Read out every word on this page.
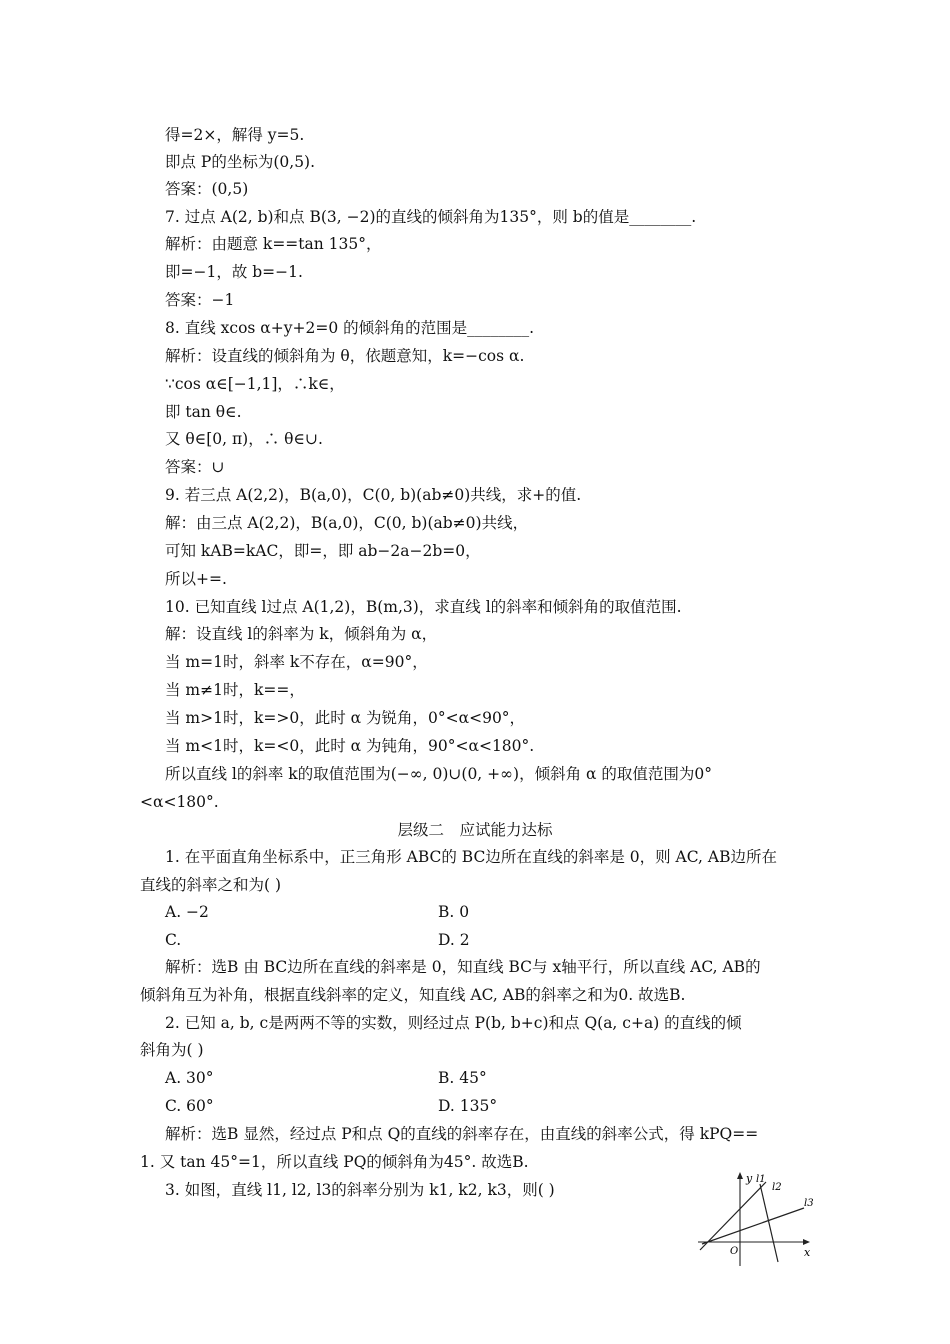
得=2×，解得 y=5.
即点 P的坐标为(0,5).
答案：(0,5)
7. 过点 A(2, b)和点 B(3, −2)的直线的倾斜角为135°，则 b的值是________.
解析：由题意 k==tan 135°，
即=−1，故 b=−1.
答案：−1
8. 直线 xcos α+y+2=0 的倾斜角的范围是________.
解析：设直线的倾斜角为 θ，依题意知，k=−cos α.
∵cos α∈[−1,1]，∴k∈，
即 tan θ∈.
又 θ∈[0, π)，∴ θ∈∪.
答案：∪
9. 若三点 A(2,2)，B(a,0)，C(0, b)(ab≠0)共线，求+的值.
解：由三点 A(2,2)，B(a,0)，C(0, b)(ab≠0)共线，
可知 kAB=kAC，即=，即 ab−2a−2b=0，
所以+=.
10. 已知直线 l过点 A(1,2)，B(m,3)，求直线 l的斜率和倾斜角的取值范围.
解：设直线 l的斜率为 k，倾斜角为 α，
当 m=1时，斜率 k不存在，α=90°，
当 m≠1时，k==，
当 m>1时，k=>0，此时 α 为锐角，0°<α<90°，
当 m<1时，k=<0，此时 α 为钝角，90°<α<180°.
所以直线 l的斜率 k的取值范围为(−∞, 0)∪(0, +∞)，倾斜角 α 的取值范围为0°
<α<180°.
层级二　应试能力达标
1. 在平面直角坐标系中，正三角形 ABC的 BC边所在直线的斜率是 0，则 AC, AB边所在
直线的斜率之和为( )
A. −2	B. 0
C.	D. 2
解析：选B 由 BC边所在直线的斜率是 0，知直线 BC与 x轴平行，所以直线 AC, AB的
倾斜角互为补角，根据直线斜率的定义，知直线 AC, AB的斜率之和为0. 故选B.
2. 已知 a, b, c是两两不等的实数，则经过点 P(b, b+c)和点 Q(a, c+a) 的直线的倾
斜角为( )
A. 30°	B. 45°
C. 60°	D. 135°
解析：选B 显然，经过点 P和点 Q的直线的斜率存在，由直线的斜率公式，得 kPQ==
1. 又 tan 45°=1，所以直线 PQ的倾斜角为45°. 故选B.
3. 如图，直线 l1, l2, l3的斜率分别为 k1, k2, k3，则( )
y
x
O
l1
l2
l3
